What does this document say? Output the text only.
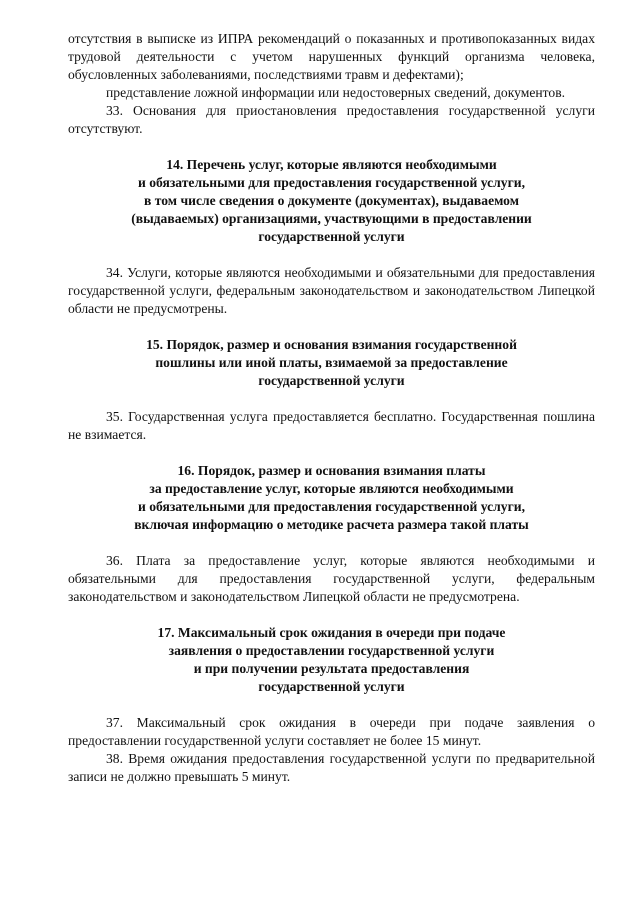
отсутствия в выписке из ИПРА рекомендаций о показанных и противопоказанных видах трудовой деятельности с учетом нарушенных функций организма человека, обусловленных заболеваниями, последствиями травм и дефектами);

представление ложной информации или недостоверных сведений, документов.

33. Основания для приостановления предоставления государственной услуги отсутствуют.

14. Перечень услуг, которые являются необходимыми
и обязательными для предоставления государственной услуги,
в том числе сведения о документе (документах), выдаваемом
(выдаваемых) организациями, участвующими в предоставлении
государственной услуги

34. Услуги, которые являются необходимыми и обязательными для предоставления государственной услуги, федеральным законодательством и законодательством Липецкой области не предусмотрены.

15. Порядок, размер и основания взимания государственной
пошлины или иной платы, взимаемой за предоставление
государственной услуги

35. Государственная услуга предоставляется бесплатно. Государственная пошлина не взимается.

16. Порядок, размер и основания взимания платы
за предоставление услуг, которые являются необходимыми
и обязательными для предоставления государственной услуги,
включая информацию о методике расчета размера такой платы

36. Плата за предоставление услуг, которые являются необходимыми и обязательными для предоставления государственной услуги, федеральным законодательством и законодательством Липецкой области не предусмотрена.

17. Максимальный срок ожидания в очереди при подаче
заявления о предоставлении государственной услуги
и при получении результата предоставления
государственной услуги

37. Максимальный срок ожидания в очереди при подаче заявления о предоставлении государственной услуги составляет не более 15 минут.

38. Время ожидания предоставления государственной услуги по предварительной записи не должно превышать 5 минут.
